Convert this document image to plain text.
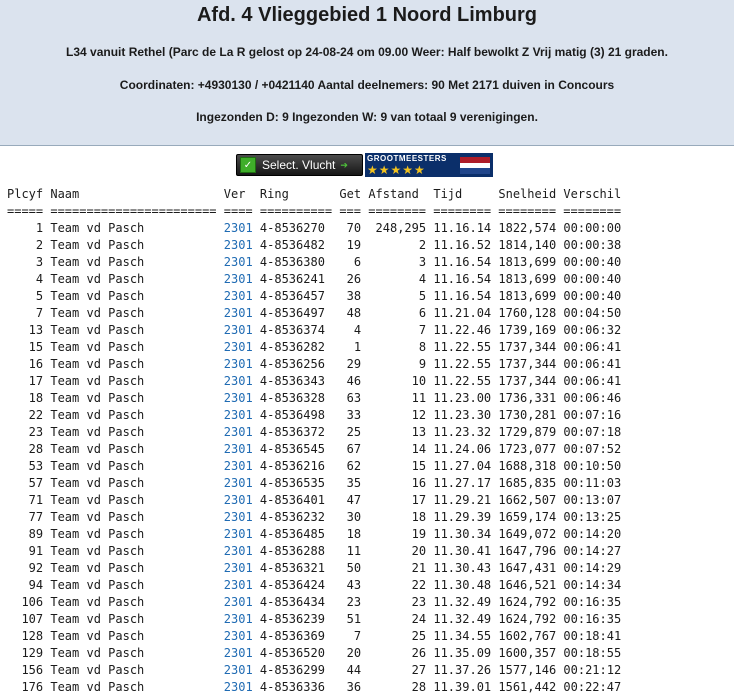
Afd. 4 Vlieggebied 1 Noord Limburg
L34 vanuit Rethel (Parc de La R gelost op 24-08-24 om 09.00 Weer: Half bewolkt Z Vrij matig (3) 21 graden.
Coordinaten: +4930130 / +0421140 Aantal deelnemers: 90 Met 2171 duiven in Concours
Ingezonden D: 9 Ingezonden W: 9 van totaal 9 verenigingen.
✓ Select. Vlucht ➔
GROOTMEESTERS
★★★★★
Plcyf Naam                    Ver  Ring       Get Afstand  Tijd     Snelheid Verschil
===== ======================= ==== ========== === ======== ======== ======== ========
1 Team vd Pasch           2301 4-8536270   70  248,295 11.16.14 1822,574 00:00:00
2 Team vd Pasch           2301 4-8536482   19        2 11.16.52 1814,140 00:00:38
3 Team vd Pasch           2301 4-8536380    6        3 11.16.54 1813,699 00:00:40
4 Team vd Pasch           2301 4-8536241   26        4 11.16.54 1813,699 00:00:40
5 Team vd Pasch           2301 4-8536457   38        5 11.16.54 1813,699 00:00:40
7 Team vd Pasch           2301 4-8536497   48        6 11.21.04 1760,128 00:04:50
13 Team vd Pasch           2301 4-8536374    4        7 11.22.46 1739,169 00:06:32
15 Team vd Pasch           2301 4-8536282    1        8 11.22.55 1737,344 00:06:41
16 Team vd Pasch           2301 4-8536256   29        9 11.22.55 1737,344 00:06:41
17 Team vd Pasch           2301 4-8536343   46       10 11.22.55 1737,344 00:06:41
18 Team vd Pasch           2301 4-8536328   63       11 11.23.00 1736,331 00:06:46
22 Team vd Pasch           2301 4-8536498   33       12 11.23.30 1730,281 00:07:16
23 Team vd Pasch           2301 4-8536372   25       13 11.23.32 1729,879 00:07:18
28 Team vd Pasch           2301 4-8536545   67       14 11.24.06 1723,077 00:07:52
53 Team vd Pasch           2301 4-8536216   62       15 11.27.04 1688,318 00:10:50
57 Team vd Pasch           2301 4-8536535   35       16 11.27.17 1685,835 00:11:03
71 Team vd Pasch           2301 4-8536401   47       17 11.29.21 1662,507 00:13:07
77 Team vd Pasch           2301 4-8536232   30       18 11.29.39 1659,174 00:13:25
89 Team vd Pasch           2301 4-8536485   18       19 11.30.34 1649,072 00:14:20
91 Team vd Pasch           2301 4-8536288   11       20 11.30.41 1647,796 00:14:27
92 Team vd Pasch           2301 4-8536321   50       21 11.30.43 1647,431 00:14:29
94 Team vd Pasch           2301 4-8536424   43       22 11.30.48 1646,521 00:14:34
106 Team vd Pasch           2301 4-8536434   23       23 11.32.49 1624,792 00:16:35
107 Team vd Pasch           2301 4-8536239   51       24 11.32.49 1624,792 00:16:35
128 Team vd Pasch           2301 4-8536369    7       25 11.34.55 1602,767 00:18:41
129 Team vd Pasch           2301 4-8536520   20       26 11.35.09 1600,357 00:18:55
156 Team vd Pasch           2301 4-8536299   44       27 11.37.26 1577,146 00:21:12
176 Team vd Pasch           2301 4-8536336   36       28 11.39.01 1561,442 00:22:47
